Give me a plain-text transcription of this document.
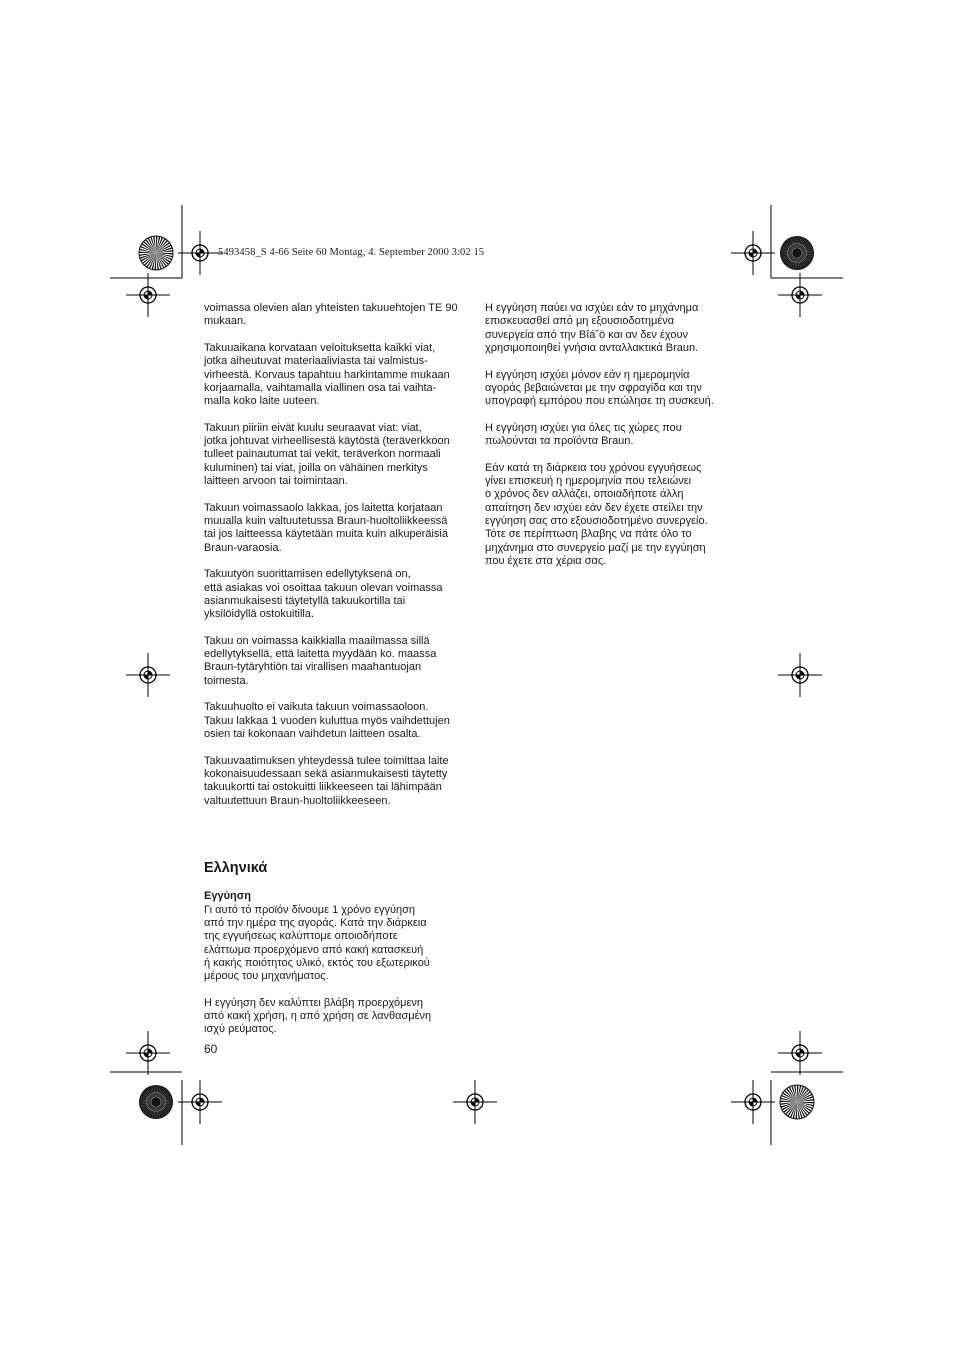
5493458_S 4-66 Seite 60 Montag, 4. September 2000 3:02 15

voimassa olevien alan yhteisten takuuehtojen TE 90
mukaan.

Takuuaikana korvataan veloituksetta kaikki viat,
jotka aiheutuvat materiaaliviasta tai valmistus-
virheestä. Korvaus tapahtuu harkintamme mukaan
korjaamalla, vaihtamalla viallinen osa tai vaihta-
malla koko laite uuteen.

Takuun piiriin eivät kuulu seuraavat viat: viat,
jotka johtuvat virheellisestä käytöstä (teräverkkoon
tulleet painautumat tai vekit, teräverkon normaali
kuluminen) tai viat, joilla on vähäinen merkitys
laitteen arvoon tai toimintaan.

Takuun voimassaolo lakkaa, jos laitetta korjataan
muualla kuin valtuutetussa Braun-huoltoliikkeessä
tai jos laitteessa käytetään muita kuin alkuperäisiä
Braun-varaosia.

Takuutyön suorittamisen edellytyksenä on,
että asiakas voi osoittaa takuun olevan voimassa
asianmukaisesti täytetyllä takuukortilla tai
yksilöidyllä ostokuitilla.

Takuu on voimassa kaikkialla maailmassa sillä
edellytyksellä, että laitetta myydään ko. maassa
Braun-tytäryhtiön tai virallisen maahantuojan
toimesta.

Takuuhuolto ei vaikuta takuun voimassaoloon.
Takuu lakkaa 1 vuoden kuluttua myös vaihdettujen
osien tai kokonaan vaihdetun laitteen osalta.

Takuuvaatimuksen yhteydessä tulee toimittaa laite
kokonaisuudessaan sekä asianmukaisesti täytetty
takuukortti tai ostokuitti liikkeeseen tai lähimpään
valtuutettuun Braun-huoltoliikkeeseen.

Ελληνικά
Εγγύηση

Γι αυτό τό προϊόν δίνουμε 1 χρόνο εγγύηση
από την ημέρα της αγοράς. Κατά την διάρκεια
της εγγυήσεως καλύπτομε οποιοδήποτε
ελάττωμα προερχόμενο από κακή κατασκευή
ή κακής ποιότητος υλικό, εκτός του εξωτερικού
μέρους του μηχανήματος.

Η εγγύηση δεν καλύπτει βλάβη προερχόμενη
από κακή χρήση, η από χρήση σε λανθασμένη
ισχύ ρεύματος.

Η εγγύηση παύει να ισχύει εάν το μηχάνημα
επισκευασθεί από μη εξουσιοδοτημένα
συνεργεία από την Βîá˘ö και αν δεν έχουν
χρησιμοποιηθεί γνήσια ανταλλακτικά Braun.

Η εγγύηση ισχύει μόνον εάν η ημερομηνία
αγοράς βεβαιώνεται με την σφραγίδα και την
υπογραφή εμπόρου που επώλησε τη συσκευή.

Η εγγύηση ισχύει για όλες τις χώρες που
πωλούνται τα προϊόντα Braun.

Εάν κατά τη διάρκεια του χρόνου εγγυήσεως
γίνει επισκευή η ημερομηνία που τελειώνει
ο χρόνος δεν αλλάζει, οποιαδήποτε άλλη
απαίτηση δεν ισχύει εάν δεν έχετε στείλει την
εγγύηση σας στο εξουσιοδοτημένο συνεργείο.
Τότε σε περίπτωση βλαβης να πάτε όλο το
μηχάνημα στο συνεργείο μαζί με την εγγύηση
που έχετε στα χέρια σας.

60
